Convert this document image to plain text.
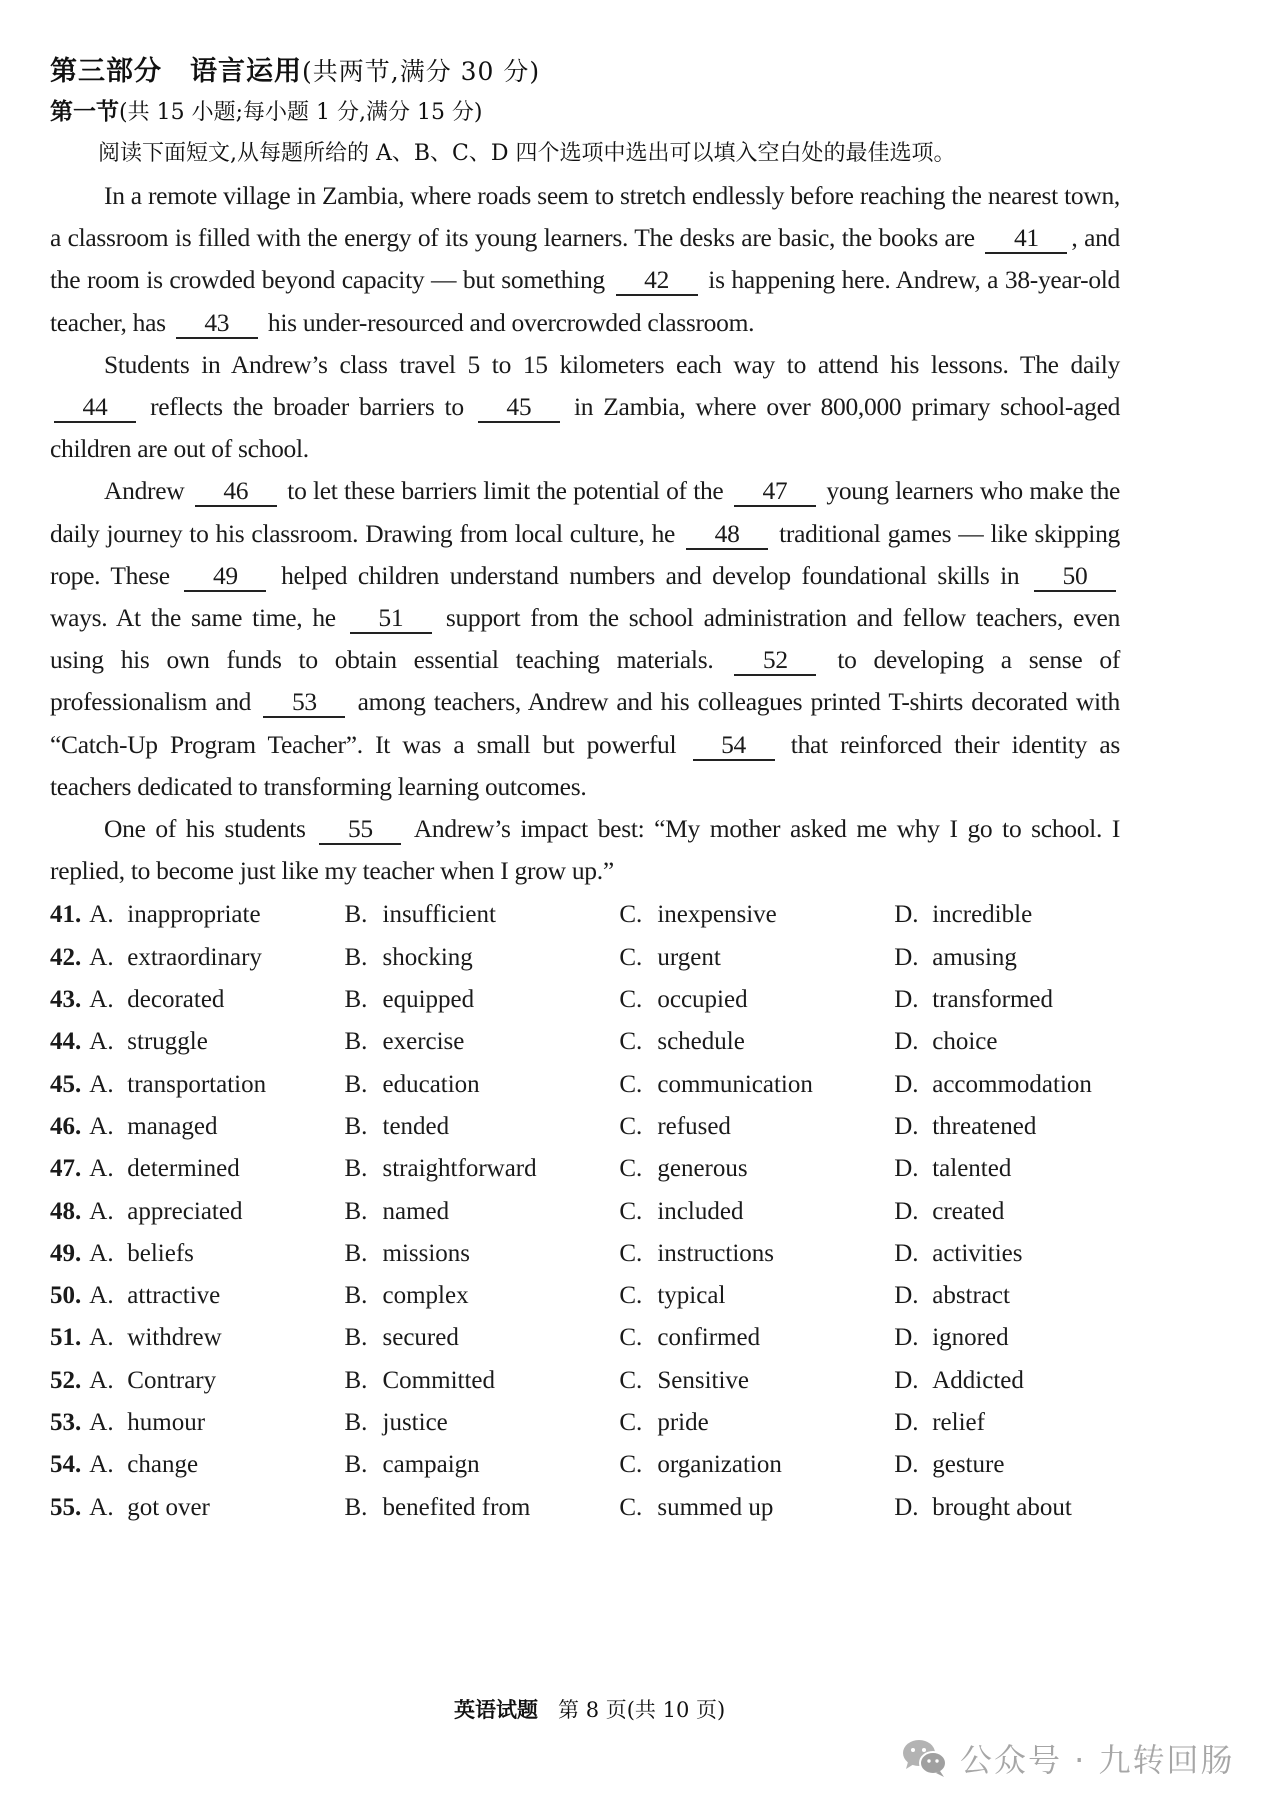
第三部分 语言运用(共两节,满分 30 分)
第一节(共 15 小题;每小题 1 分,满分 15 分)
阅读下面短文,从每题所给的 A、B、C、D 四个选项中选出可以填入空白处的最佳选项。

In a remote village in Zambia, where roads seem to stretch endlessly before reaching the nearest town, a classroom is filled with the energy of its young learners. The desks are basic, the books are 41 , and the room is crowded beyond capacity — but something 42 is happening here. Andrew, a 38-year-old teacher, has 43 his under-resourced and overcrowded classroom.

Students in Andrew’s class travel 5 to 15 kilometers each way to attend his lessons. The daily 44 reflects the broader barriers to 45 in Zambia, where over 800,000 primary school-aged children are out of school.

Andrew 46 to let these barriers limit the potential of the 47 young learners who make the daily journey to his classroom. Drawing from local culture, he 48 traditional games — like skipping rope. These 49 helped children understand numbers and develop foundational skills in 50 ways. At the same time, he 51 support from the school administration and fellow teachers, even using his own funds to obtain essential teaching materials. 52 to developing a sense of professionalism and 53 among teachers, Andrew and his colleagues printed T-shirts decorated with “Catch-Up Program Teacher”. It was a small but powerful 54 that reinforced their identity as teachers dedicated to transforming learning outcomes.

One of his students 55 Andrew’s impact best: “My mother asked me why I go to school. I replied, to become just like my teacher when I grow up.”

41. A. inappropriate	B. insufficient	C. inexpensive	D. incredible
42. A. extraordinary	B. shocking	C. urgent	D. amusing
43. A. decorated	B. equipped	C. occupied	D. transformed
44. A. struggle	B. exercise	C. schedule	D. choice
45. A. transportation	B. education	C. communication	D. accommodation
46. A. managed	B. tended	C. refused	D. threatened
47. A. determined	B. straightforward	C. generous	D. talented
48. A. appreciated	B. named	C. included	D. created
49. A. beliefs	B. missions	C. instructions	D. activities
50. A. attractive	B. complex	C. typical	D. abstract
51. A. withdrew	B. secured	C. confirmed	D. ignored
52. A. Contrary	B. Committed	C. Sensitive	D. Addicted
53. A. humour	B. justice	C. pride	D. relief
54. A. change	B. campaign	C. organization	D. gesture
55. A. got over	B. benefited from	C. summed up	D. brought about
英语试题 第 8 页(共 10 页)
公众号 · 九转回肠
